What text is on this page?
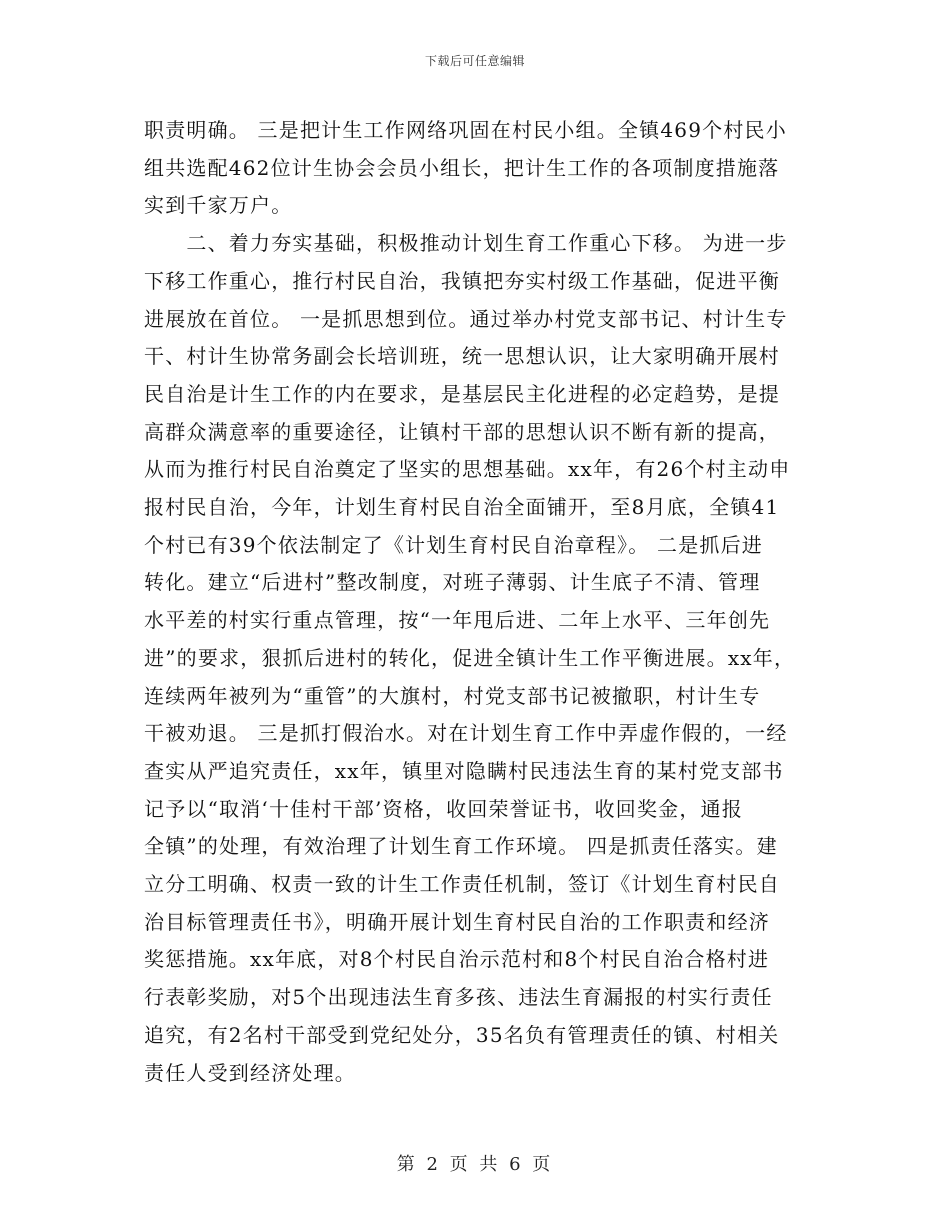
下载后可任意编辑
职责明确。 三是把计生工作网络巩固在村民小组。全镇469个村民小
组共选配462位计生协会会员小组长，把计生工作的各项制度措施落
实到千家万户。
　　二、着力夯实基础，积极推动计划生育工作重心下移。 为进一步
下移工作重心，推行村民自治，我镇把夯实村级工作基础，促进平衡
进展放在首位。 一是抓思想到位。通过举办村党支部书记、村计生专
干、村计生协常务副会长培训班，统一思想认识，让大家明确开展村
民自治是计生工作的内在要求，是基层民主化进程的必定趋势，是提
高群众满意率的重要途径，让镇村干部的思想认识不断有新的提高，
从而为推行村民自治奠定了坚实的思想基础。xx年，有26个村主动申
报村民自治，今年，计划生育村民自治全面铺开，至8月底，全镇41
个村已有39个依法制定了《计划生育村民自治章程》。 二是抓后进
转化。建立“后进村”整改制度，对班子薄弱、计生底子不清、管理
水平差的村实行重点管理，按“一年甩后进、二年上水平、三年创先
进”的要求，狠抓后进村的转化，促进全镇计生工作平衡进展。xx年，
连续两年被列为“重管”的大旗村，村党支部书记被撤职，村计生专
干被劝退。 三是抓打假治水。对在计划生育工作中弄虚作假的，一经
查实从严追究责任，xx年，镇里对隐瞒村民违法生育的某村党支部书
记予以“取消‘十佳村干部’资格，收回荣誉证书，收回奖金，通报
全镇”的处理，有效治理了计划生育工作环境。 四是抓责任落实。建
立分工明确、权责一致的计生工作责任机制，签订《计划生育村民自
治目标管理责任书》，明确开展计划生育村民自治的工作职责和经济
奖惩措施。xx年底，对8个村民自治示范村和8个村民自治合格村进
行表彰奖励，对5个出现违法生育多孩、违法生育漏报的村实行责任
追究，有2名村干部受到党纪处分，35名负有管理责任的镇、村相关
责任人受到经济处理。
第 2 页 共 6 页
